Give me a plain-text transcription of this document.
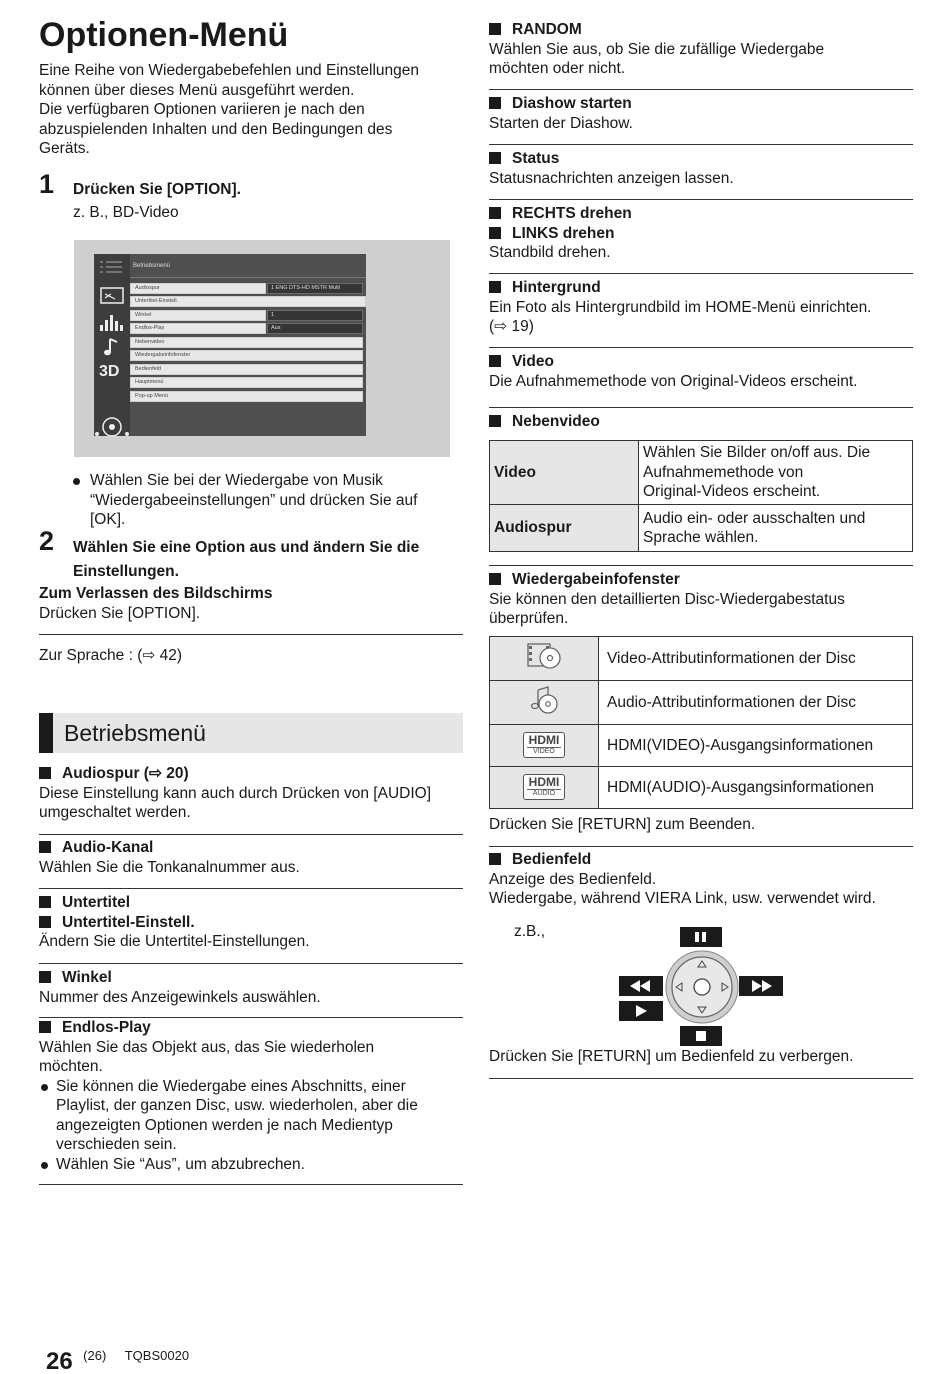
Optionen-Menü
Eine Reihe von Wiedergabebefehlen und Einstellungen
können über dieses Menü ausgeführt werden.
Die verfügbaren Optionen variieren je nach den
abzuspielenden Inhalten und den Bedingungen des
Geräts.
1 Drücken Sie [OPTION].
z. B., BD-Video
Betriebsmenü
3D
Audiospur	1 ENG DTS-HD MSTR Multi
Untertitel-Einstell.
Winkel	1
Endlos-Play	Aus
Nebenvideo
Wiedergabeinfofenster
Bedienfeld
Hauptmenü
Pop-up Menü
Wählen Sie bei der Wiedergabe von Musik
“Wiedergabeeinstellungen” und drücken Sie auf
[OK].
2 Wählen Sie eine Option aus und ändern Sie die
Einstellungen.
Zum Verlassen des Bildschirms
Drücken Sie [OPTION].
Zur Sprache : (⇨ 42)
Betriebsmenü
Audiospur (⇨ 20)
Diese Einstellung kann auch durch Drücken von [AUDIO]
umgeschaltet werden.
Audio-Kanal
Wählen Sie die Tonkanalnummer aus.
Untertitel
Untertitel-Einstell.
Ändern Sie die Untertitel-Einstellungen.
Winkel
Nummer des Anzeigewinkels auswählen.
Endlos-Play
Wählen Sie das Objekt aus, das Sie wiederholen
möchten.
Sie können die Wiedergabe eines Abschnitts, einer
Playlist, der ganzen Disc, usw. wiederholen, aber die
angezeigten Optionen werden je nach Medientyp
verschieden sein.
Wählen Sie “Aus”, um abzubrechen.
26 $^{(26)}$ $^{TQBS0020}$
RANDOM
Wählen Sie aus, ob Sie die zufällige Wiedergabe
möchten oder nicht.
Diashow starten
Starten der Diashow.
Status
Statusnachrichten anzeigen lassen.
RECHTS drehen
LINKS drehen
Standbild drehen.
Hintergrund
Ein Foto als Hintergrundbild im HOME-Menü einrichten.
(⇨ 19)
Video
Die Aufnahmemethode von Original-Videos erscheint.
Nebenvideo
Video	Wählen Sie Bilder on/off aus. Die
Aufnahmemethode von
Original-Videos erscheint.

Audiospur	Audio ein- oder ausschalten und
Sprache wählen.
Wiedergabeinfofenster
Sie können den detaillierten Disc-Wiedergabestatus
überprüfen.
	Video-Attributinformationen der Disc
	Audio-Attributinformationen der Disc

HDMI
VIDEO	HDMI(VIDEO)-Ausgangsinformationen

HDMI
AUDIO	HDMI(AUDIO)-Ausgangsinformationen
Drücken Sie [RETURN] zum Beenden.
Bedienfeld
Anzeige des Bedienfeld.
Wiedergabe, während VIERA Link, usw. verwendet wird.
z.B.,
Drücken Sie [RETURN] um Bedienfeld zu verbergen.
